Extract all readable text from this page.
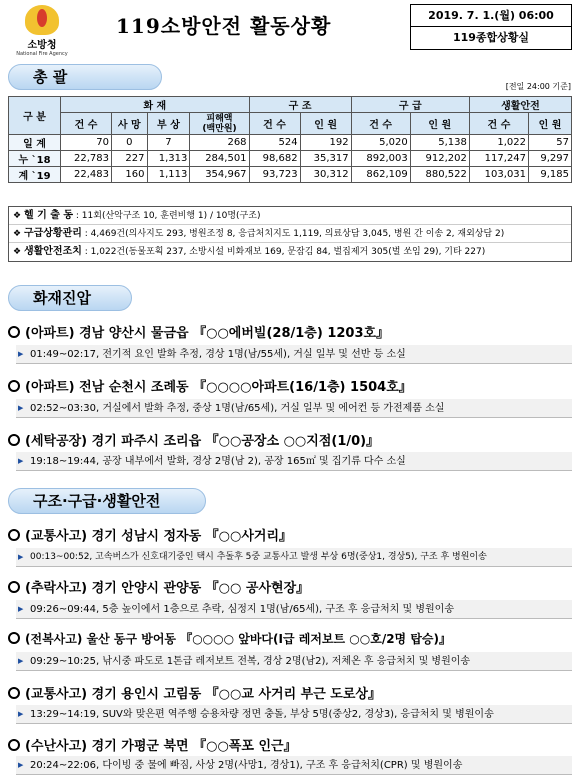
소방청
National Fire Agency
119소방안전 활동상황	2019. 7. 1.(월) 06:00
119종합상황실
총 괄
[전일 24:00 기준]
구 분	화 재				구 조		구 급		생활안전	
	건 수	사 망	부 상	피해액
(백만원)	건 수	인 원	건 수	인 원	건 수	인 원
일 계	70	0	7	268	524	192	5,020	5,138	1,022	57
누 `18	22,783	227	1,313	284,501	98,682	35,317	892,003	912,202	117,247	9,297
계 `19	22,483	160	1,113	354,967	93,723	30,312	862,109	880,522	103,031	9,185
❖ 헬 기 출 동 : 11회(산악구조 10, 훈련비행 1) / 10명(구조)
❖ 구급상황관리 : 4,469건(의사지도 293, 병원조정 8, 응급처치지도 1,119, 의료상담 3,045, 병원 간 이송 2, 재외상담 2)
❖ 생활안전조치 : 1,022건(동물포획 237, 소방시설 비화재보 169, 문잠김 84, 벌집제거 305(벌 쏘임 29), 기타 227)
화재진압
(아파트) 경남 양산시 물금읍 『○○에버빌(28/1층) 1203호』
▶ 01:49~02:17, 전기적 요인 발화 추정, 경상 1명(남/55세), 거실 일부 및 선반 등 소실
(아파트) 전남 순천시 조례동 『○○○○아파트(16/1층) 1504호』
▶ 02:52~03:30, 거실에서 발화 추정, 중상 1명(남/65세), 거실 일부 및 에어컨 등 가전제품 소실
(세탁공장) 경기 파주시 조리읍 『○○공장소 ○○지점(1/0)』
▶ 19:18~19:44, 공장 내부에서 발화, 경상 2명(남 2), 공장 165㎡ 및 집기류 다수 소실
구조·구급·생활안전
(교통사고) 경기 성남시 정자동 『○○사거리』
▶ 00:13~00:52, 고속버스가 신호대기중인 택시 추돌후 5중 교통사고 발생 부상 6명(중상1, 경상5), 구조 후 병원이송
(추락사고) 경기 안양시 관양동 『○○ 공사현장』
▶ 09:26~09:44, 5층 높이에서 1층으로 추락, 심정지 1명(남/65세), 구조 후 응급처치 및 병원이송
(전복사고) 울산 동구 방어동 『○○○○ 앞바다(Ⅰ급 레저보트 ○○호/2명 탑승)』
▶ 09:29~10:25, 낚시중 파도로 1톤급 레저보트 전복, 경상 2명(남2), 저체온 후 응급처치 및 병원이송
(교통사고) 경기 용인시 고림동 『○○교 사거리 부근 도로상』
▶ 13:29~14:19, SUV와 맞은편 역주행 승용차량 정면 충돌, 부상 5명(중상2, 경상3), 응급처치 및 병원이송
(수난사고) 경기 가평군 북면 『○○폭포 인근』
▶ 20:24~22:06, 다이빙 중 물에 빠짐, 사상 2명(사망1, 경상1), 구조 후 응급처치(CPR) 및 병원이송
